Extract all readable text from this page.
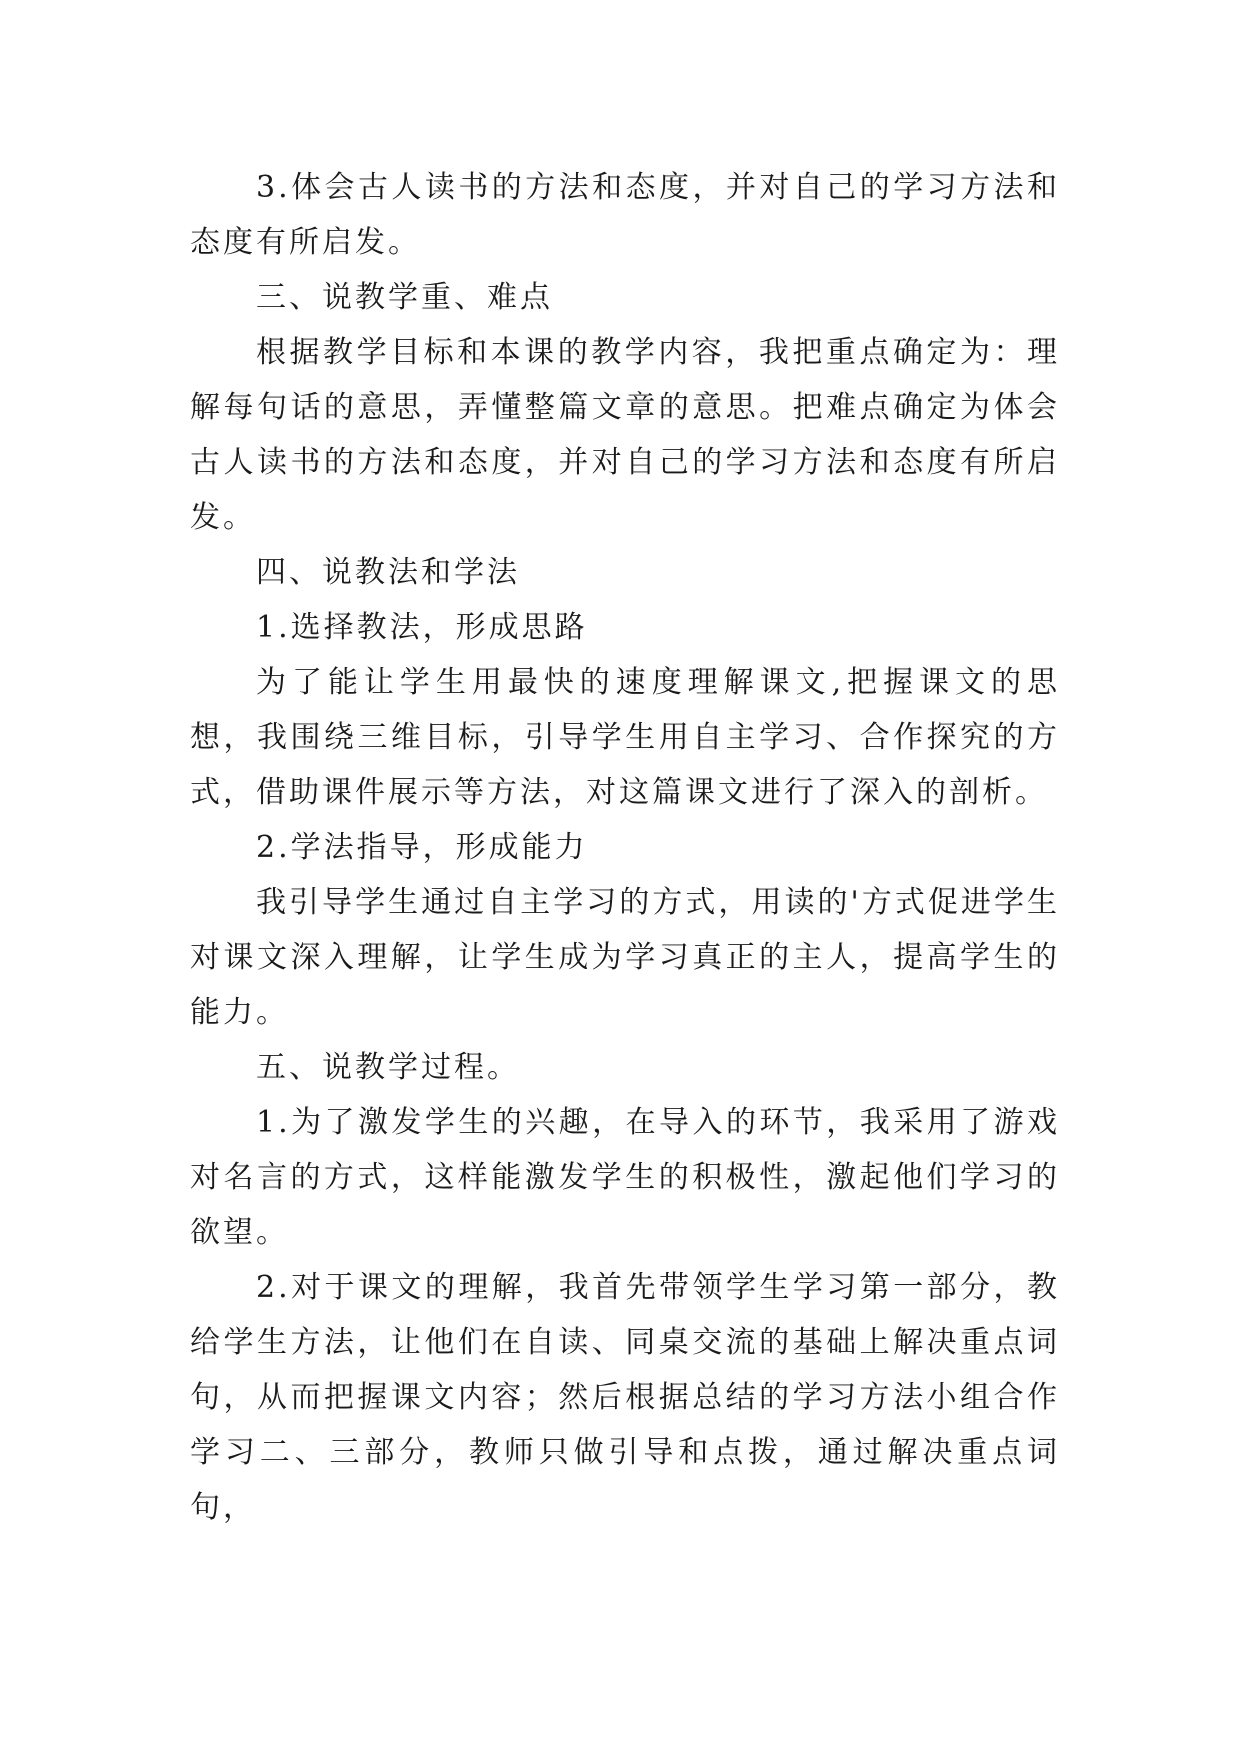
3.体会古人读书的方法和态度，并对自己的学习方法和态度有所启发。

三、说教学重、难点

根据教学目标和本课的教学内容，我把重点确定为：理解每句话的意思，弄懂整篇文章的意思。把难点确定为体会古人读书的方法和态度，并对自己的学习方法和态度有所启发。

四、说教法和学法

1.选择教法，形成思路

为了能让学生用最快的速度理解课文,把握课文的思想，我围绕三维目标，引导学生用自主学习、合作探究的方式，借助课件展示等方法，对这篇课文进行了深入的剖析。

2.学法指导，形成能力

我引导学生通过自主学习的方式，用读的'方式促进学生对课文深入理解，让学生成为学习真正的主人，提高学生的能力。

五、说教学过程。

1.为了激发学生的兴趣，在导入的环节，我采用了游戏对名言的方式，这样能激发学生的积极性，激起他们学习的欲望。

2.对于课文的理解，我首先带领学生学习第一部分，教给学生方法，让他们在自读、同桌交流的基础上解决重点词句，从而把握课文内容；然后根据总结的学习方法小组合作学习二、三部分，教师只做引导和点拨，通过解决重点词句，
